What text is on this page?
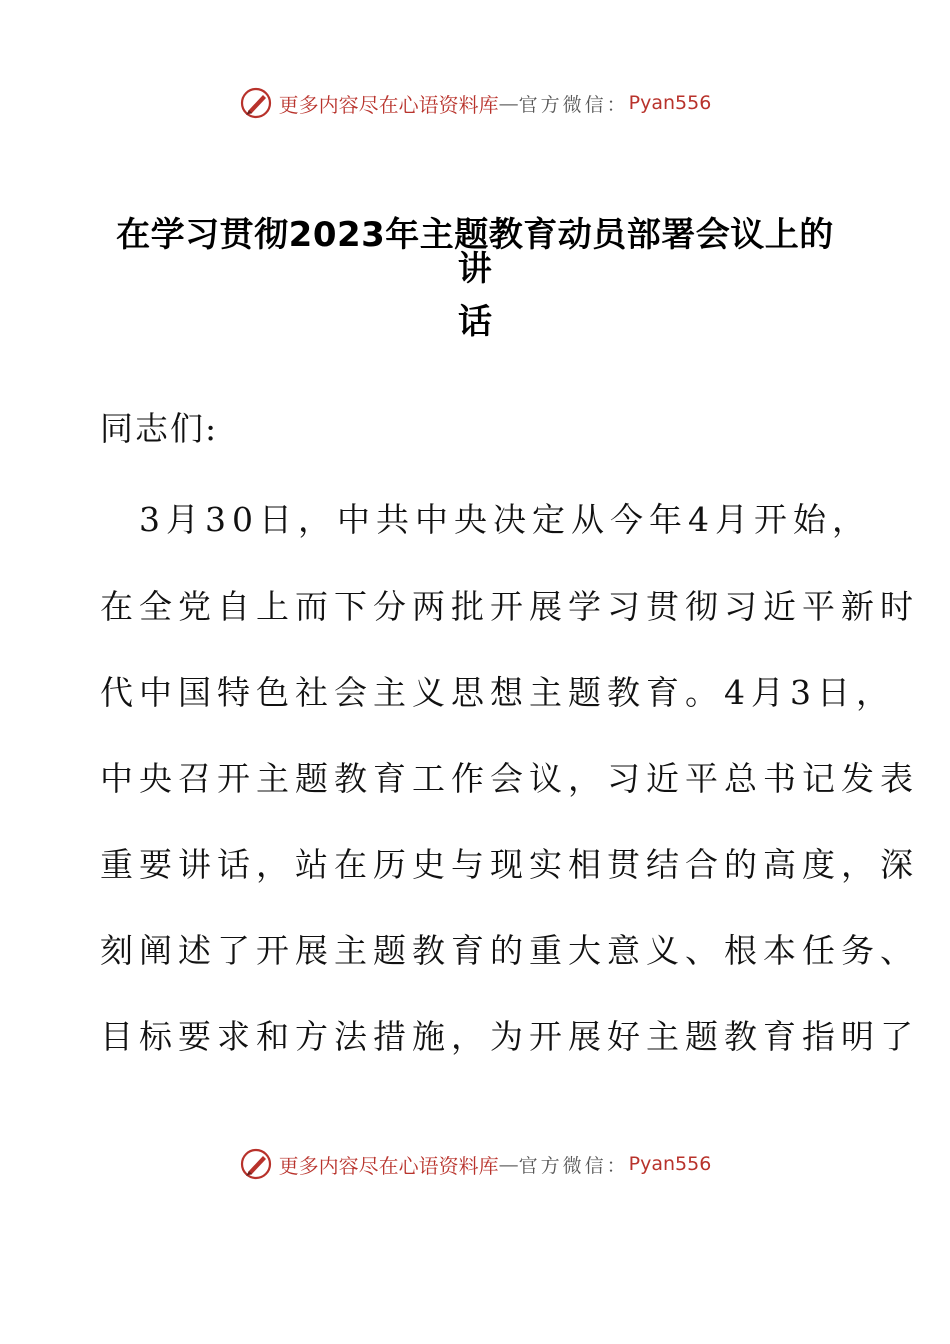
更多内容尽在心语资料库 — 官方微信： Pyan556
在学习贯彻2023年主题教育动员部署会议上的讲
话
同志们:
　3月30日，中共中央决定从今年4月开始，
在全党自上而下分两批开展学习贯彻习近平新时
代中国特色社会主义思想主题教育。4月3日，
中央召开主题教育工作会议，习近平总书记发表
重要讲话，站在历史与现实相贯结合的高度，深
刻阐述了开展主题教育的重大意义、根本任务、
目标要求和方法措施，为开展好主题教育指明了
更多内容尽在心语资料库 — 官方微信： Pyan556
